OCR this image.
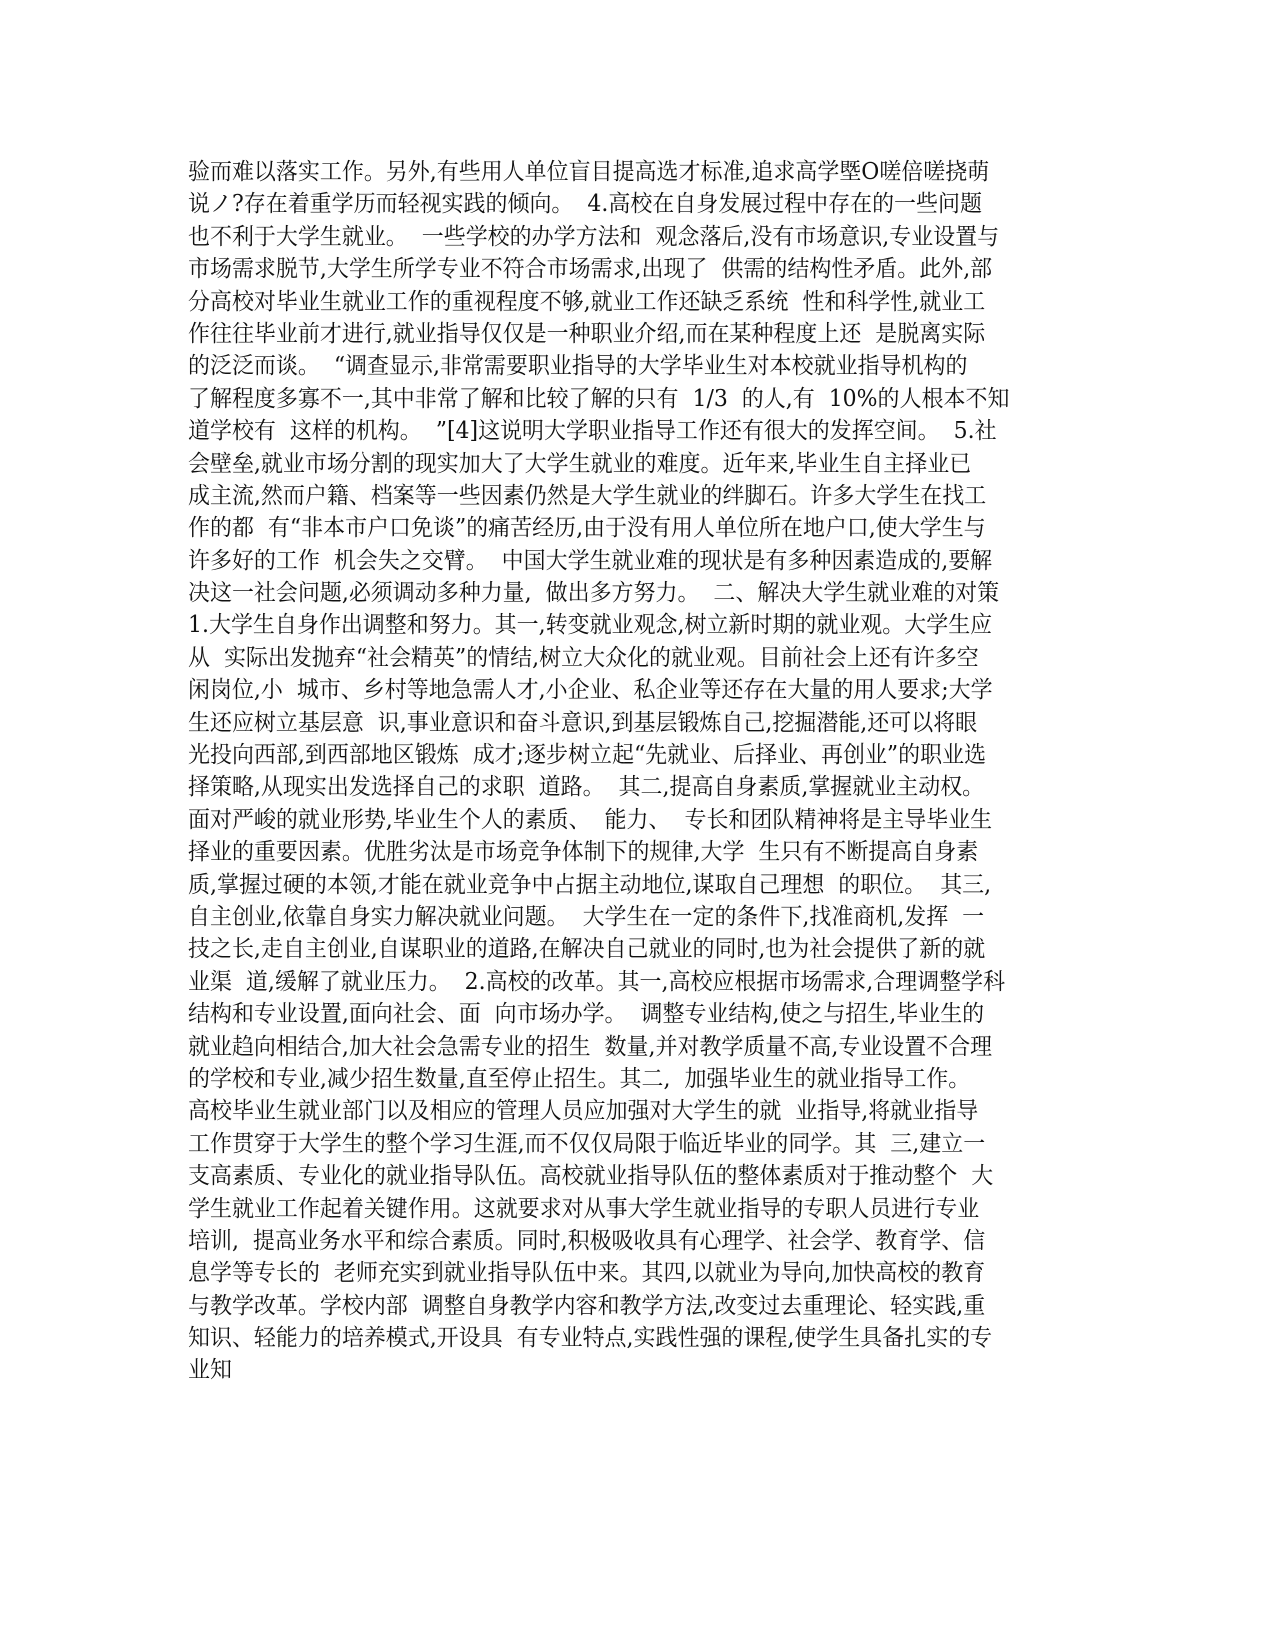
验而难以落实工作。另外,有些用人单位盲目提高选才标准,追求高学塈O嗟倍嗟挠萌
说ノ?存在着重学历而轻视实践的倾向。  4.高校在自身发展过程中存在的一些问题
也不利于大学生就业。  一些学校的办学方法和  观念落后,没有市场意识,专业设置与
市场需求脱节,大学生所学专业不符合市场需求,出现了  供需的结构性矛盾。此外,部
分高校对毕业生就业工作的重视程度不够,就业工作还缺乏系统  性和科学性,就业工
作往往毕业前才进行,就业指导仅仅是一种职业介绍,而在某种程度上还  是脱离实际
的泛泛而谈。  “调查显示,非常需要职业指导的大学毕业生对本校就业指导机构的
了解程度多寡不一,其中非常了解和比较了解的只有  1/3  的人,有  10%的人根本不知
道学校有  这样的机构。  ”[4]这说明大学职业指导工作还有很大的发挥空间。  5.社
会壁垒,就业市场分割的现实加大了大学生就业的难度。近年来,毕业生自主择业已
成主流,然而户籍、档案等一些因素仍然是大学生就业的绊脚石。许多大学生在找工
作的都  有“非本市户口免谈”的痛苦经历,由于没有用人单位所在地户口,使大学生与
许多好的工作  机会失之交臂。  中国大学生就业难的现状是有多种因素造成的,要解
决这一社会问题,必须调动多种力量,  做出多方努力。  二、解决大学生就业难的对策
1.大学生自身作出调整和努力。其一,转变就业观念,树立新时期的就业观。大学生应
从  实际出发抛弃“社会精英”的情结,树立大众化的就业观。目前社会上还有许多空
闲岗位,小  城市、乡村等地急需人才,小企业、私企业等还存在大量的用人要求;大学
生还应树立基层意  识,事业意识和奋斗意识,到基层锻炼自己,挖掘潜能,还可以将眼
光投向西部,到西部地区锻炼  成才;逐步树立起“先就业、后择业、再创业”的职业选
择策略,从现实出发选择自己的求职  道路。  其二,提高自身素质,掌握就业主动权。
面对严峻的就业形势,毕业生个人的素质、  能力、  专长和团队精神将是主导毕业生
择业的重要因素。优胜劣汰是市场竞争体制下的规律,大学  生只有不断提高自身素
质,掌握过硬的本领,才能在就业竞争中占据主动地位,谋取自己理想  的职位。  其三,
自主创业,依靠自身实力解决就业问题。  大学生在一定的条件下,找准商机,发挥  一
技之长,走自主创业,自谋职业的道路,在解决自己就业的同时,也为社会提供了新的就
业渠  道,缓解了就业压力。  2.高校的改革。其一,高校应根据市场需求,合理调整学科
结构和专业设置,面向社会、面  向市场办学。  调整专业结构,使之与招生,毕业生的
就业趋向相结合,加大社会急需专业的招生  数量,并对教学质量不高,专业设置不合理
的学校和专业,减少招生数量,直至停止招生。其二,  加强毕业生的就业指导工作。
高校毕业生就业部门以及相应的管理人员应加强对大学生的就  业指导,将就业指导
工作贯穿于大学生的整个学习生涯,而不仅仅局限于临近毕业的同学。其  三,建立一
支高素质、专业化的就业指导队伍。高校就业指导队伍的整体素质对于推动整个  大
学生就业工作起着关键作用。这就要求对从事大学生就业指导的专职人员进行专业
培训,  提高业务水平和综合素质。同时,积极吸收具有心理学、社会学、教育学、信
息学等专长的  老师充实到就业指导队伍中来。其四,以就业为导向,加快高校的教育
与教学改革。学校内部  调整自身教学内容和教学方法,改变过去重理论、轻实践,重
知识、轻能力的培养模式,开设具  有专业特点,实践性强的课程,使学生具备扎实的专
业知
